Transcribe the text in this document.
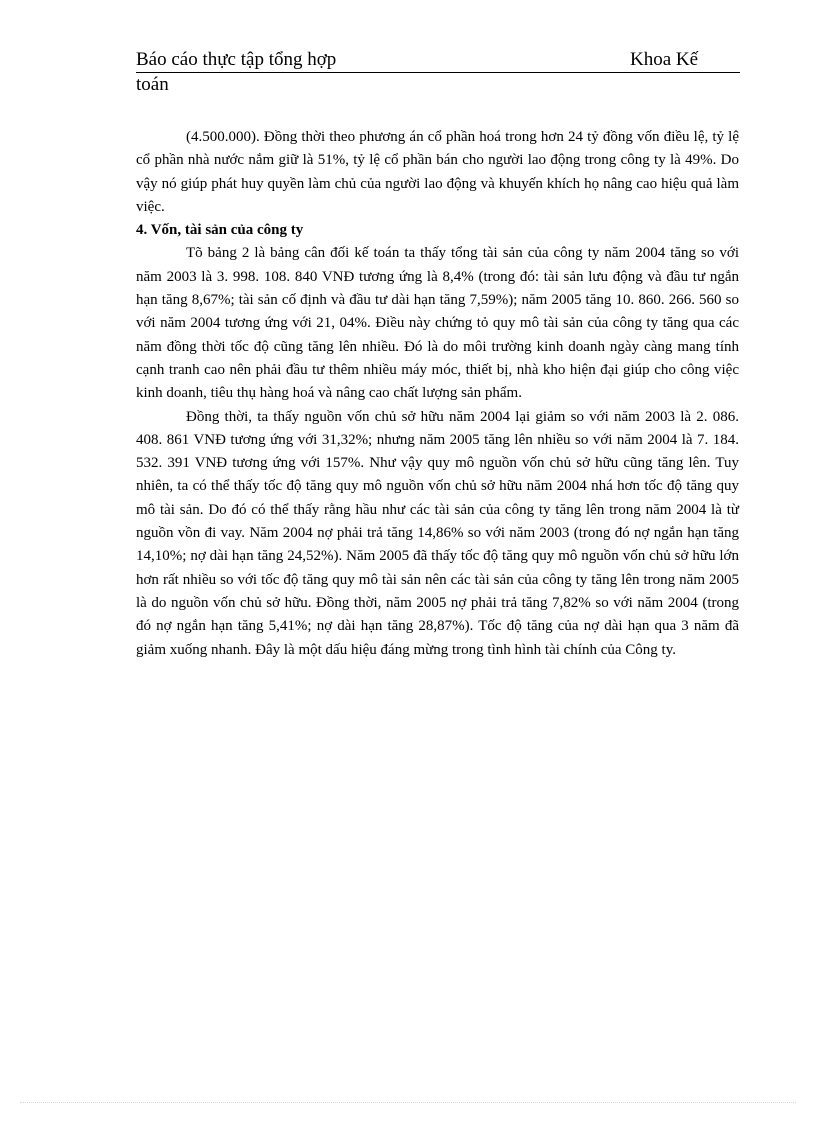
Báo cáo thực tập tổng hợp	Khoa Kế
toán

(4.500.000). Đồng thời theo phương án cổ phần hoá trong hơn 24 tỷ đồng vốn điều lệ, tỷ lệ cổ phần nhà nước nắm giữ là 51%, tỷ lệ cổ phần bán cho người lao động trong công ty là 49%. Do vậy nó giúp phát huy quyền làm chủ của người lao động và khuyến khích họ nâng cao hiệu quả làm việc.

4. Vốn, tài sản của công ty

Tõ bảng 2 là bảng cân đối kế toán ta thấy tổng tài sản của công ty năm 2004 tăng so với năm 2003 là 3. 998. 108. 840 VNĐ tương ứng là 8,4% (trong đó: tài sản lưu động và đầu tư ngắn hạn tăng 8,67%; tài sản cố định và đầu tư dài hạn tăng 7,59%); năm 2005 tăng 10. 860. 266. 560 so với năm 2004 tương ứng với 21, 04%. Điều này chứng tỏ quy mô tài sản của công ty tăng qua các năm đồng thời tốc độ cũng tăng lên nhiều. Đó là do môi trường kinh doanh ngày càng mang tính cạnh tranh cao nên phải đầu tư thêm nhiều máy móc, thiết bị, nhà kho hiện đại giúp cho công việc kinh doanh, tiêu thụ hàng hoá và nâng cao chất lượng sản phẩm.

Đồng thời, ta thấy nguồn vốn chủ sở hữu năm 2004 lại giảm so với năm 2003 là 2. 086. 408. 861 VNĐ tương ứng với 31,32%; nhưng năm 2005 tăng lên nhiều so với năm 2004 là 7. 184. 532. 391 VNĐ tương ứng với 157%. Như vậy quy mô nguồn vốn chủ sở hữu cũng tăng lên. Tuy nhiên, ta có thể thấy tốc độ tăng quy mô nguồn vốn chủ sở hữu năm 2004 nhá hơn tốc độ tăng quy mô tài sản. Do đó có thể thấy rằng hầu như các tài sản của công ty tăng lên trong năm 2004 là từ nguồn vồn đi vay. Năm 2004 nợ phải trả tăng 14,86% so với năm 2003 (trong đó nợ ngắn hạn tăng 14,10%; nợ dài hạn tăng 24,52%). Năm 2005 đã thấy tốc độ tăng quy mô nguồn vốn chủ sở hữu lớn hơn rất nhiều so với tốc độ tăng quy mô tài sản nên các tài sản của công ty tăng lên trong năm 2005 là do nguồn vốn chủ sở hữu. Đồng thời, năm 2005 nợ phải trả tăng 7,82% so với năm 2004 (trong đó nợ ngắn hạn tăng 5,41%; nợ dài hạn tăng 28,87%). Tốc độ tăng của nợ dài hạn qua 3 năm đã giảm xuống nhanh. Đây là một dấu hiệu đáng mừng trong tình hình tài chính của Công ty.
